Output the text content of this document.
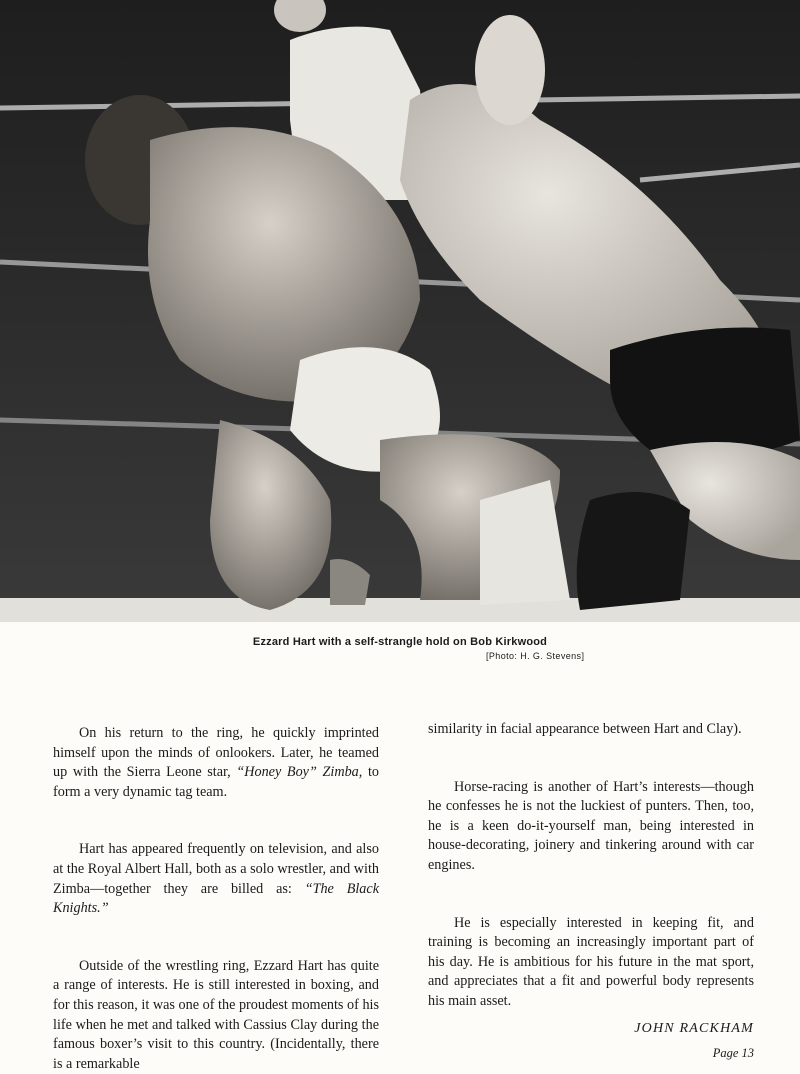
Ezzard Hart with a self-strangle hold on Bob Kirkwood
[Photo: H. G. Stevens]

On his return to the ring, he quickly imprinted himself upon the minds of onlookers. Later, he teamed up with the Sierra Leone star, “Honey Boy” Zimba, to form a very dynamic tag team.

Hart has appeared frequently on television, and also at the Royal Albert Hall, both as a solo wrestler, and with Zimba—together they are billed as: “The Black Knights.”

Outside of the wrestling ring, Ezzard Hart has quite a range of interests. He is still interested in boxing, and for this reason, it was one of the proudest moments of his life when he met and talked with Cassius Clay during the famous boxer’s visit to this country. (Incidentally, there is a remarkable

similarity in facial appearance between Hart and Clay).

Horse-racing is another of Hart’s interests—though he confesses he is not the luckiest of punters. Then, too, he is a keen do-it-yourself man, being interested in house-decorating, joinery and tinkering around with car engines.

He is especially interested in keeping fit, and training is becoming an increasingly important part of his day. He is ambitious for his future in the mat sport, and appreciates that a fit and powerful body represents his main asset.

JOHN RACKHAM
Page 13
